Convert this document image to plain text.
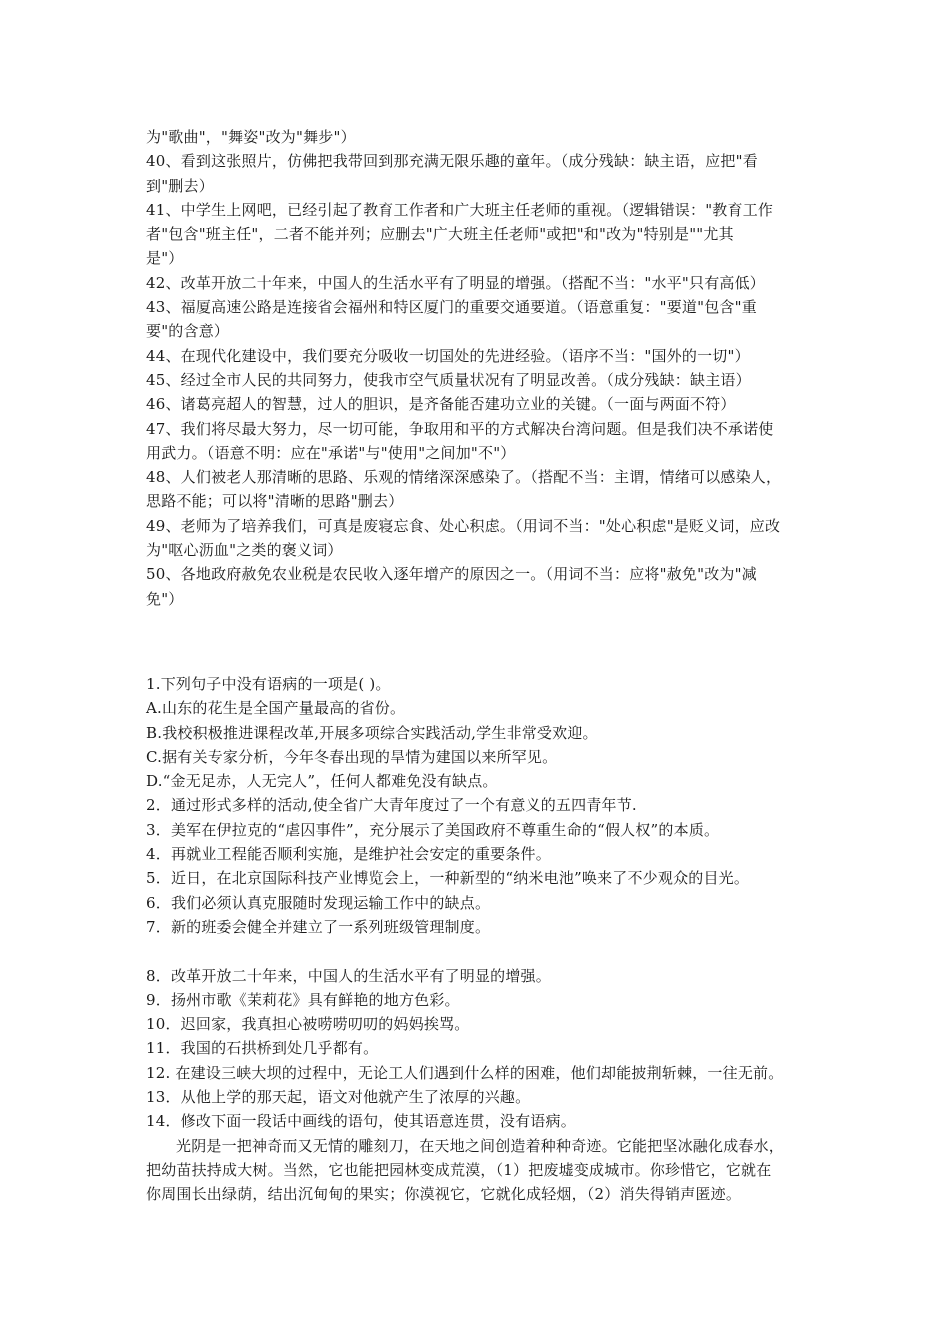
为"歌曲"，"舞姿"改为"舞步"）
40、看到这张照片，仿佛把我带回到那充满无限乐趣的童年。（成分残缺：缺主语，应把"看
到"删去）
41、中学生上网吧，已经引起了教育工作者和广大班主任老师的重视。（逻辑错误："教育工作
者"包含"班主任"，二者不能并列；应删去"广大班主任老师"或把"和"改为"特别是""尤其
是"）
42、改革开放二十年来，中国人的生活水平有了明显的增强。（搭配不当："水平"只有高低）
43、福厦高速公路是连接省会福州和特区厦门的重要交通要道。（语意重复："要道"包含"重
要"的含意）
44、在现代化建设中，我们要充分吸收一切国处的先进经验。（语序不当："国外的一切"）
45、经过全市人民的共同努力，使我市空气质量状况有了明显改善。（成分残缺：缺主语）
46、诸葛亮超人的智慧，过人的胆识，是齐备能否建功立业的关键。（一面与两面不符）
47、我们将尽最大努力，尽一切可能，争取用和平的方式解决台湾问题。但是我们决不承诺使
用武力。（语意不明：应在"承诺"与"使用"之间加"不"）
48、人们被老人那清晰的思路、乐观的情绪深深感染了。（搭配不当：主谓，情绪可以感染人，
思路不能；可以将"清晰的思路"删去）
49、老师为了培养我们，可真是废寝忘食、处心积虑。（用词不当："处心积虑"是贬义词，应改
为"呕心沥血"之类的褒义词）
50、各地政府赦免农业税是农民收入逐年增产的原因之一。（用词不当：应将"赦免"改为"减
免"）
1.下列句子中没有语病的一项是( )。
A.山东的花生是全国产量最高的省份。
B.我校积极推进课程改革,开展多项综合实践活动,学生非常受欢迎。
C.据有关专家分析，今年冬春出现的旱情为建国以来所罕见。
D.“金无足赤，人无完人”，任何人都难免没有缺点。
2．通过形式多样的活动,使全省广大青年度过了一个有意义的五四青年节.
3．美军在伊拉克的“虐囚事件”，充分展示了美国政府不尊重生命的“假人权”的本质。
4．再就业工程能否顺利实施，是维护社会安定的重要条件。
5．近日，在北京国际科技产业博览会上，一种新型的“纳米电池”唤来了不少观众的目光。
6．我们必须认真克服随时发现运输工作中的缺点。
7．新的班委会健全并建立了一系列班级管理制度。
8．改革开放二十年来，中国人的生活水平有了明显的增强。
9．扬州市歌《茉莉花》具有鲜艳的地方色彩。
10．迟回家，我真担心被唠唠叨叨的妈妈挨骂。
11．我国的石拱桥到处几乎都有。
12. 在建设三峡大坝的过程中，无论工人们遇到什么样的困难，他们却能披荆斩棘，一往无前。
13．从他上学的那天起，语文对他就产生了浓厚的兴趣。
14．修改下面一段话中画线的语句，使其语意连贯，没有语病。
光阴是一把神奇而又无情的雕刻刀，在天地之间创造着种种奇迹。它能把坚冰融化成春水，
把幼苗扶持成大树。当然，它也能把园林变成荒漠，（1）把废墟变成城市。你珍惜它，它就在
你周围长出绿荫，结出沉甸甸的果实；你漠视它，它就化成轻烟，（2）消失得销声匿迹。
